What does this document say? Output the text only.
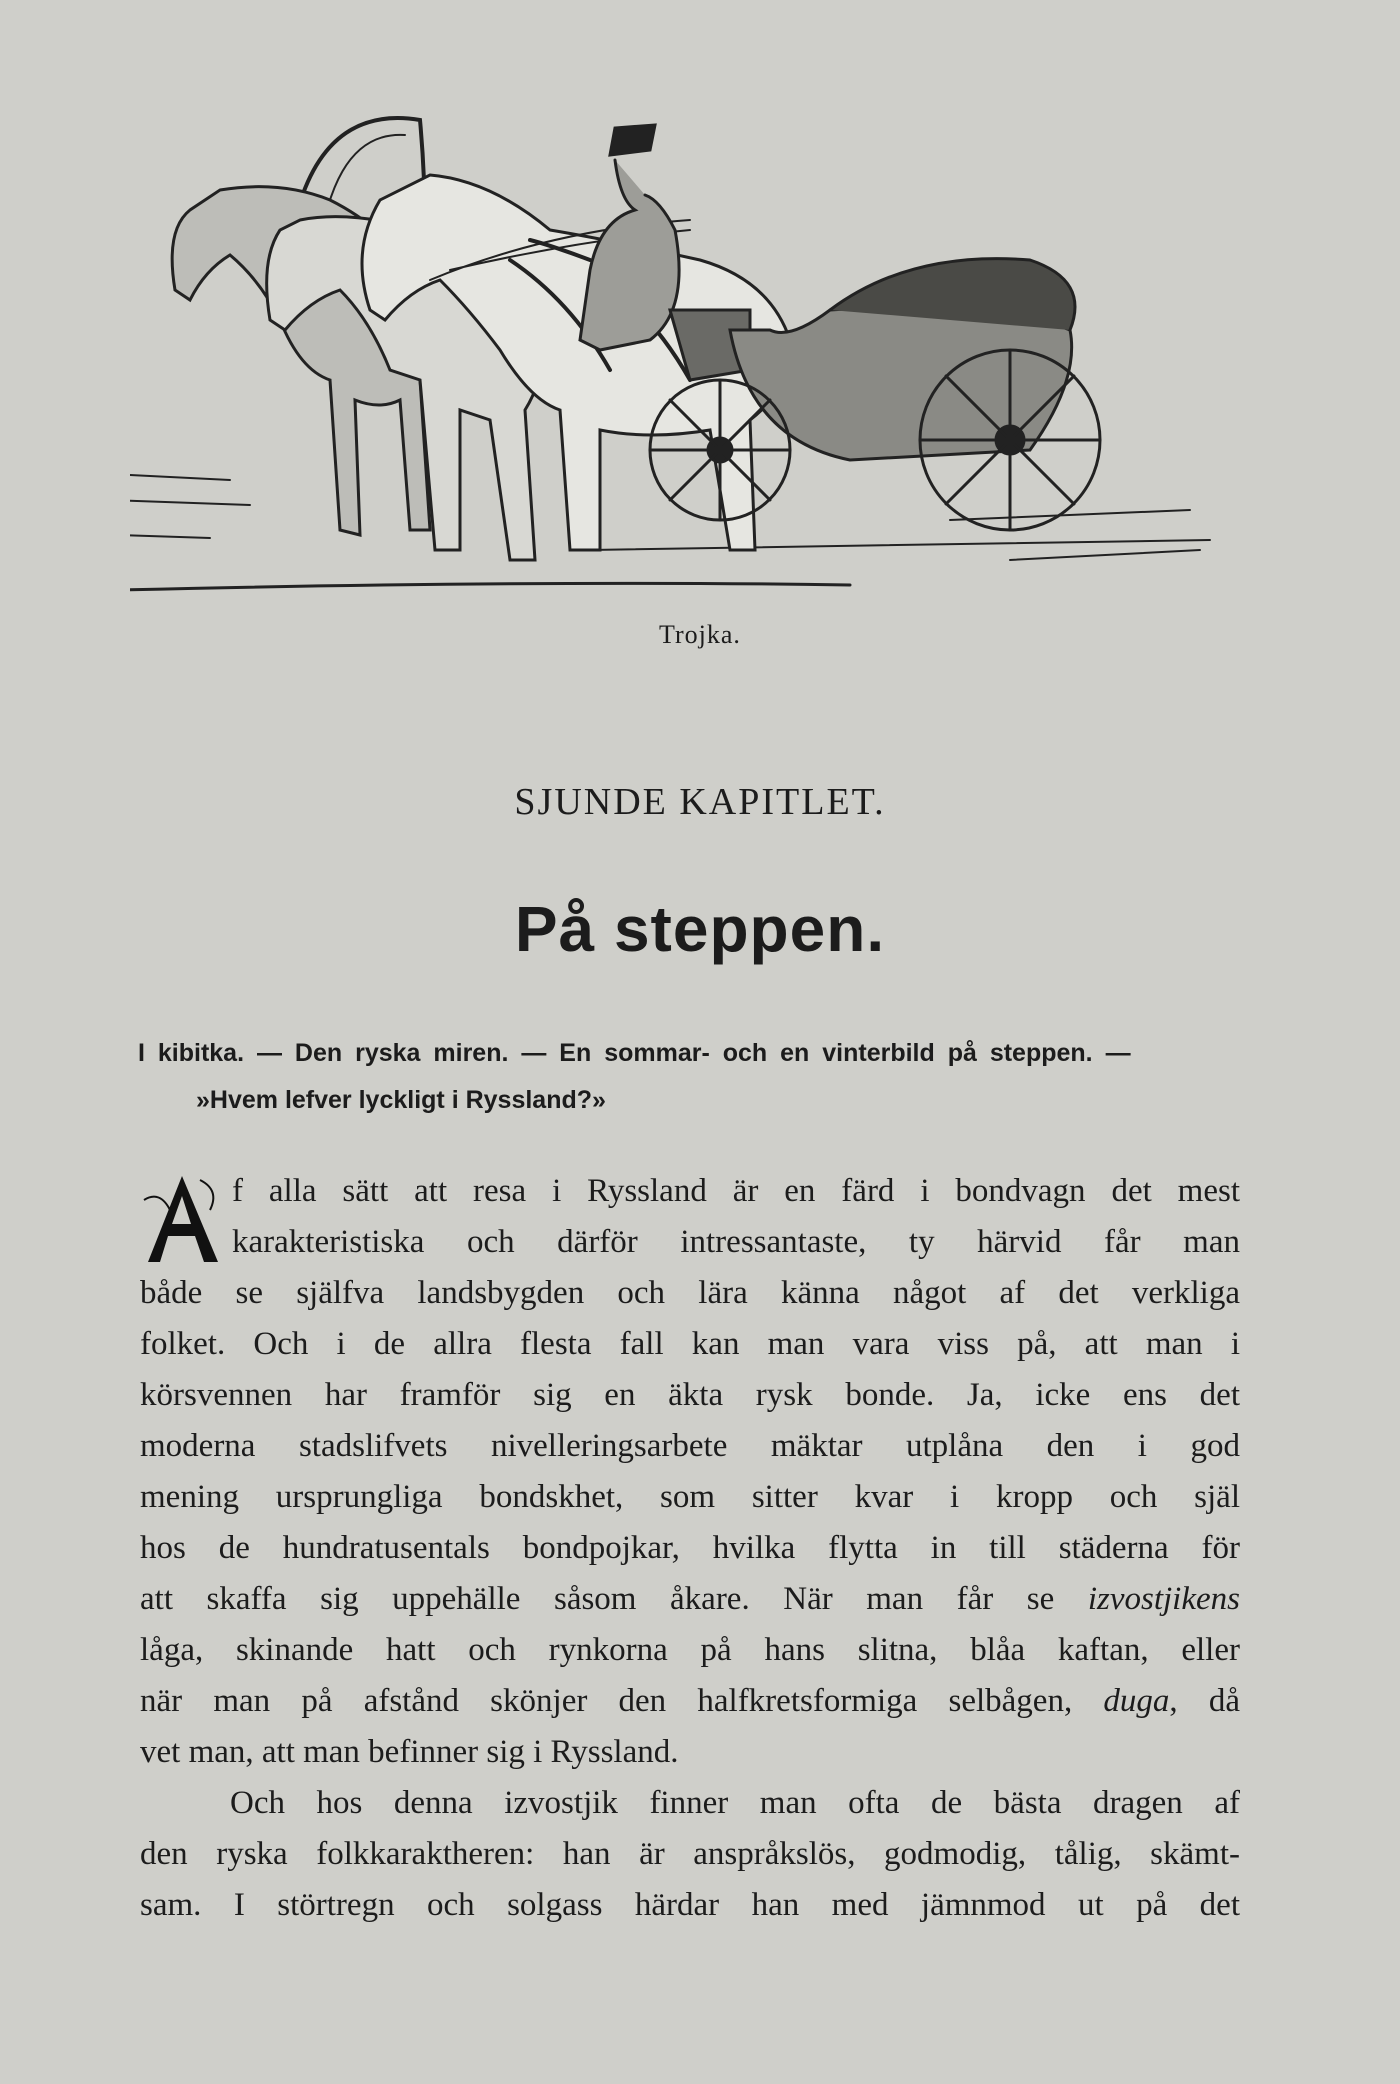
Trojka.
SJUNDE KAPITLET.
På steppen.
I kibitka. — Den ryska miren. — En sommar- och en vinterbild på steppen. —
»Hvem lefver lyckligt i Ryssland?»
A
f alla sätt att resa i Ryssland är en färd i bondvagn det mest
karakteristiska och därför intressantaste, ty härvid får man
både se själfva landsbygden och lära känna något af det verkliga
folket. Och i de allra flesta fall kan man vara viss på, att man i
körsvennen har framför sig en äkta rysk bonde. Ja, icke ens det
moderna stadslifvets nivelleringsarbete mäktar utplåna den i god
mening ursprungliga bondskhet, som sitter kvar i kropp och själ
hos de hundratusentals bondpojkar, hvilka flytta in till städerna för
att skaffa sig uppehälle såsom åkare. När man får se izvostjikens
låga, skinande hatt och rynkorna på hans slitna, blåa kaftan, eller
när man på afstånd skönjer den halfkretsformiga selbågen, duga, då
vet man, att man befinner sig i Ryssland.
Och hos denna izvostjik finner man ofta de bästa dragen af
den ryska folkkaraktheren: han är anspråkslös, godmodig, tålig, skämt-
sam. I störtregn och solgass härdar han med jämnmod ut på det
